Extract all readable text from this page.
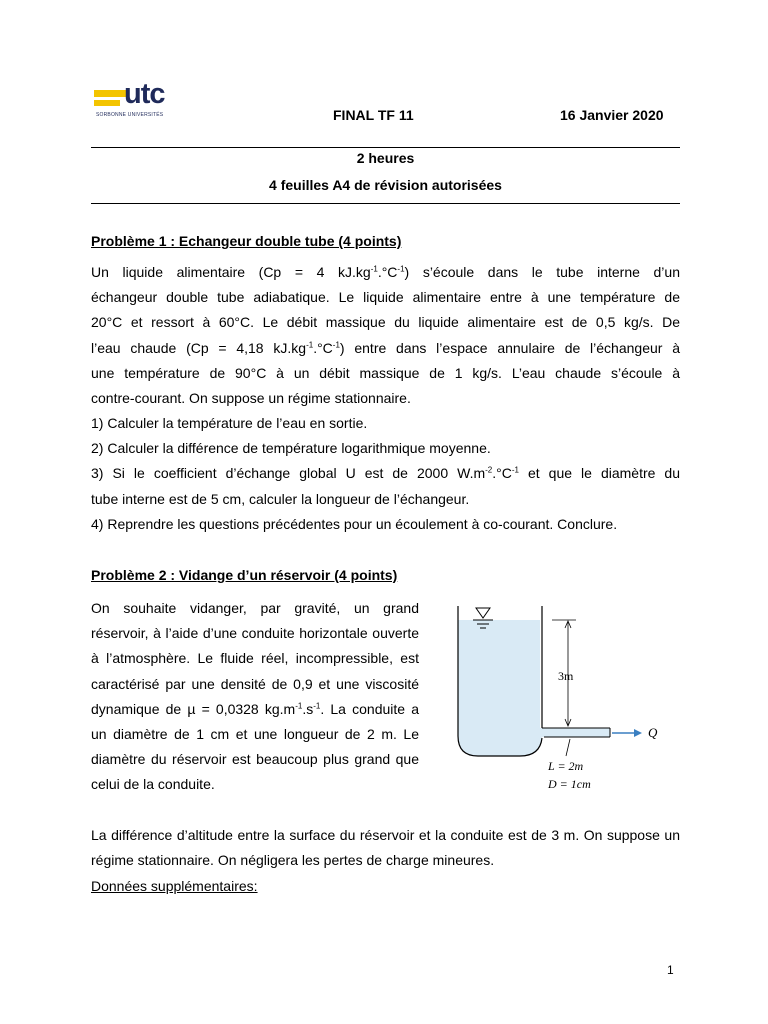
utc
SORBONNE UNIVERSITÉS	FINAL TF 11	16 Janvier 2020
2 heures
4 feuilles A4 de révision autorisées
Problème 1 : Echangeur double tube (4 points)

Un liquide alimentaire (Cp = 4 $kJ.kg^{-1}.^\circ C^{-1}$) s’écoule dans le tube interne d’un

échangeur double tube adiabatique. Le liquide alimentaire entre à une température de

20°C et ressort à 60°C. Le débit massique du liquide alimentaire est de 0,5 kg/s. De

l’eau chaude (Cp = 4,18 $kJ.kg^{-1}.^\circ C^{-1}$) entre dans l’espace annulaire de l’échangeur à

une température de 90°C à un débit massique de 1 kg/s. L’eau chaude s’écoule à

contre-courant. On suppose un régime stationnaire.

1) Calculer la température de l’eau en sortie.

2) Calculer la différence de température logarithmique moyenne.

3) Si le coefficient d’échange global U est de 2000 $W.m^{-2}.^\circ C^{-1}$ et que le diamètre du

tube interne est de 5 cm, calculer la longueur de l’échangeur.

4) Reprendre les questions précédentes pour un écoulement à co-courant. Conclure.

Problème 2 : Vidange d’un réservoir (4 points)

On souhaite vidanger, par gravité, un grand réservoir, à l’aide d’une conduite horizontale ouverte à l’atmosphère. Le fluide réel, incompressible, est caractérisé par une densité de 0,9 et une viscosité dynamique de µ = 0,0328 $kg.m^{-1}.s^{-1}$. La conduite a un diamètre de 1 cm et une longueur de 2 m. Le diamètre du réservoir est beaucoup plus grand que celui de la conduite.

3m
Q
L = 2m
D = 1cm

La différence d’altitude entre la surface du réservoir et la conduite est de 3 m. On suppose un régime stationnaire. On négligera les pertes de charge mineures.

Données supplémentaires:

1
